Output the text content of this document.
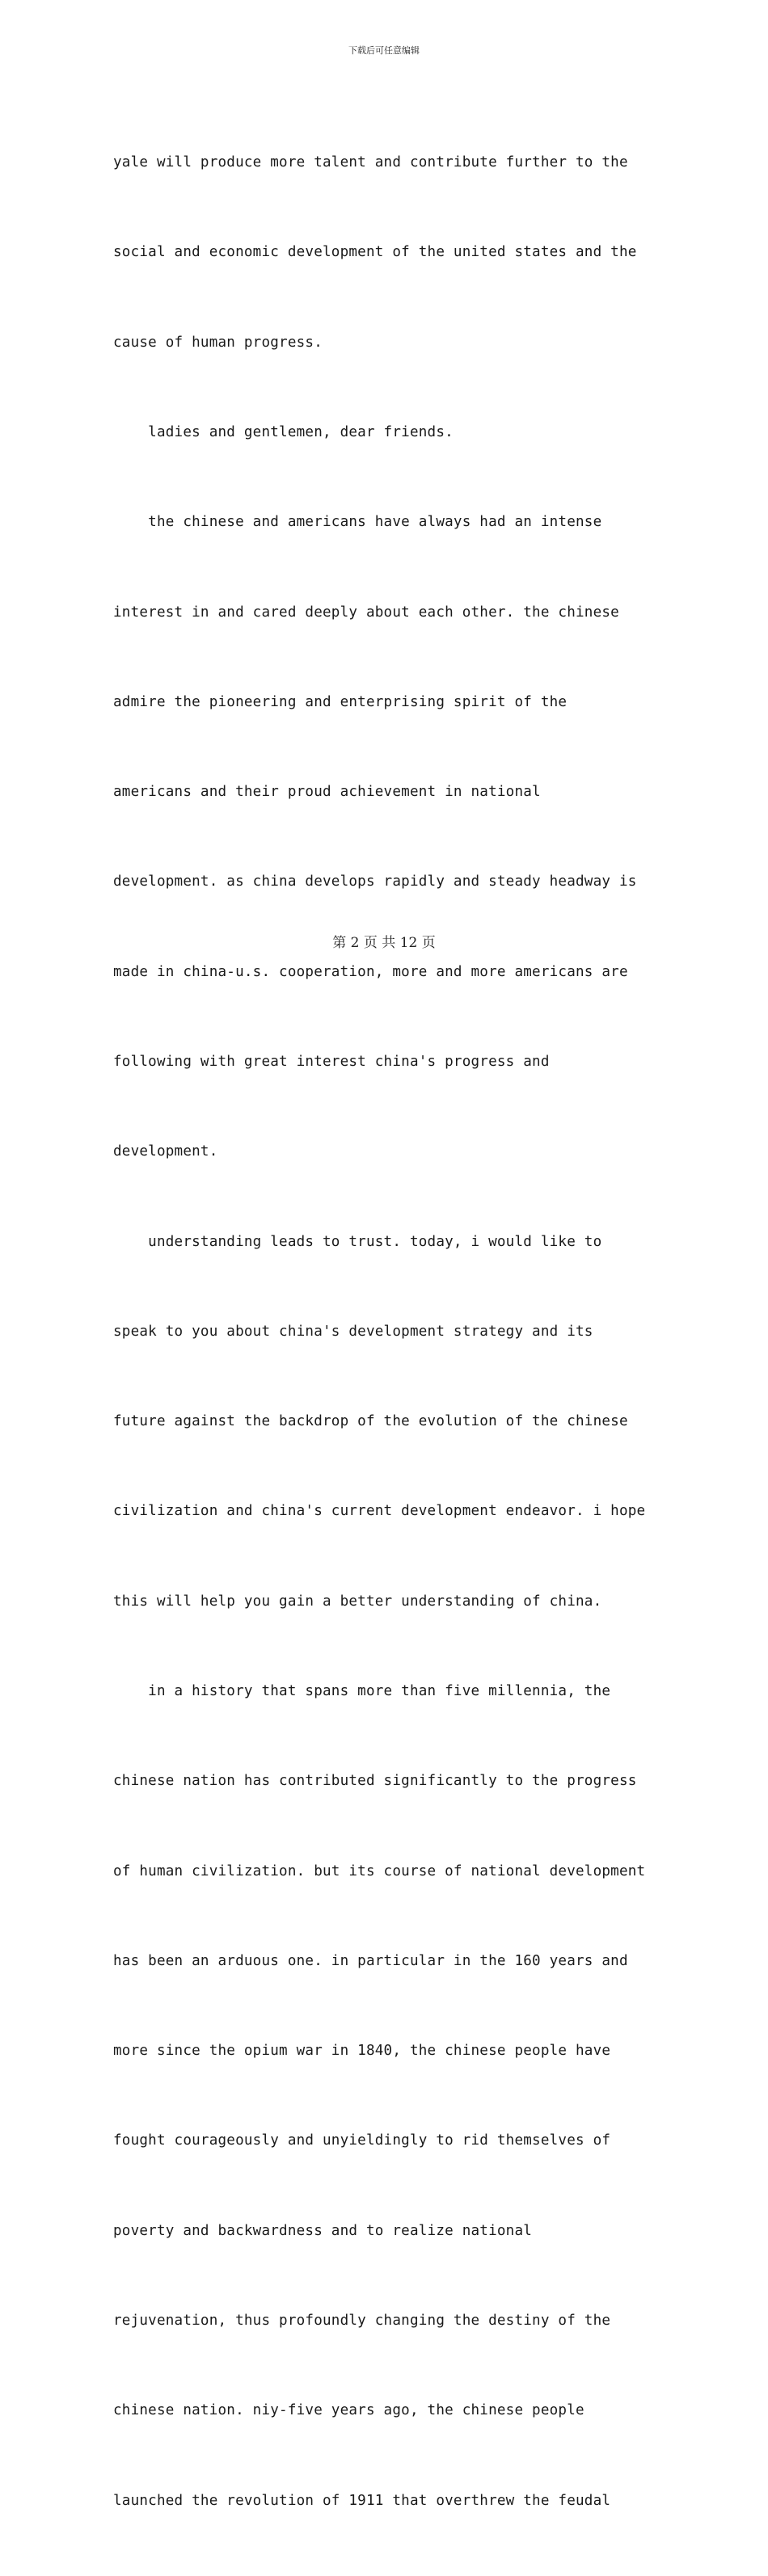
下载后可任意编辑

yale will produce more talent and contribute further to the

social and economic development of the united states and the

cause of human progress.

ladies and gentlemen, dear friends.

the chinese and americans have always had an intense

interest in and cared deeply about each other. the chinese

admire the pioneering and enterprising spirit of the

americans and their proud achievement in national

development. as china develops rapidly and steady headway is

made in china-u.s. cooperation, more and more americans are

following with great interest china's progress and

development.

understanding leads to trust. today, i would like to

speak to you about china's development strategy and its

future against the backdrop of the evolution of the chinese

civilization and china's current development endeavor. i hope

this will help you gain a better understanding of china.

in a history that spans more than five millennia, the

chinese nation has contributed significantly to the progress

of human civilization. but its course of national development

has been an arduous one. in particular in the 160 years and

more since the opium war in 1840, the chinese people have

fought courageously and unyieldingly to rid themselves of

poverty and backwardness and to realize national

rejuvenation, thus profoundly changing the destiny of the

chinese nation. niy-five years ago, the chinese people

launched the revolution of 1911 that overthrew the feudal

第 2 页 共 12 页
